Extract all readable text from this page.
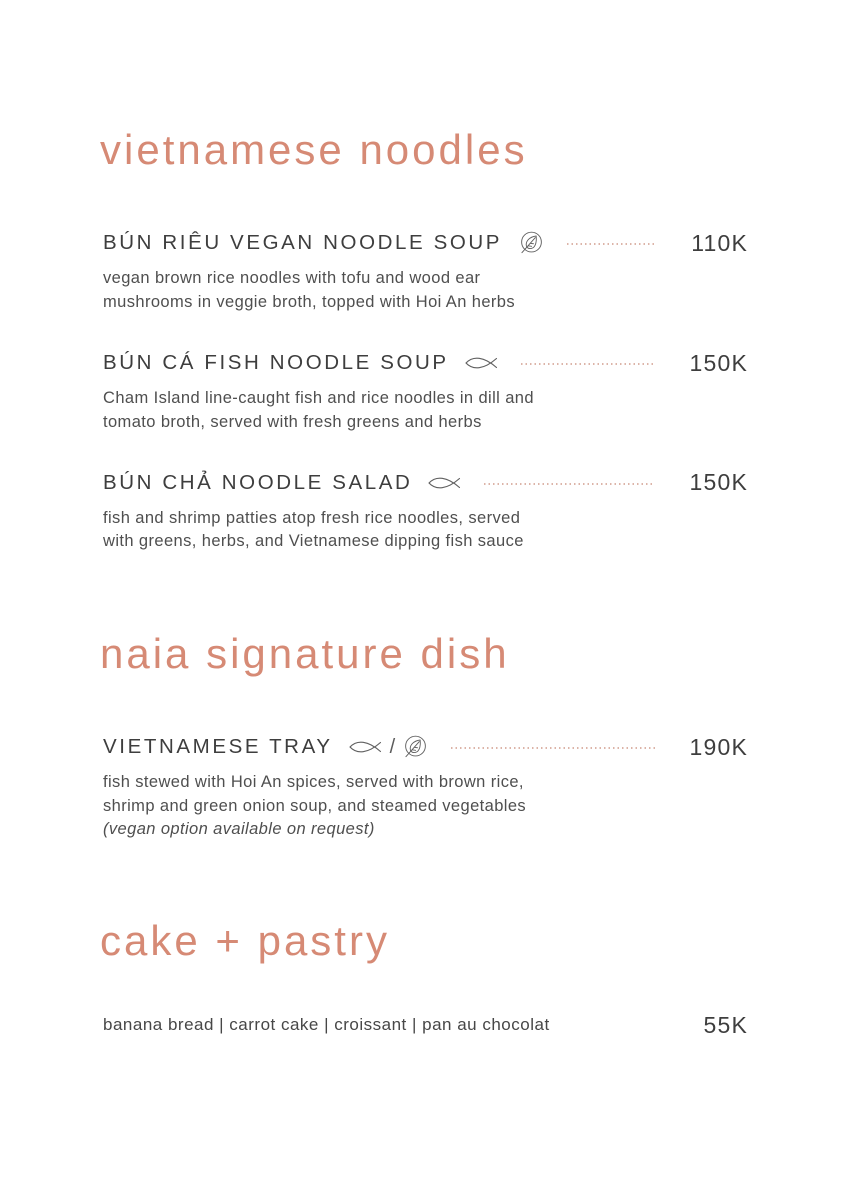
vietnamese noodles
BÚN RIÊU VEGAN NOODLE SOUP	110K
vegan brown rice noodles with tofu and wood ear
mushrooms in veggie broth, topped with Hoi An herbs
BÚN CÁ FISH NOODLE SOUP	150K
Cham Island line-caught fish and rice noodles in dill and
tomato broth, served with fresh greens and herbs
BÚN CHẢ NOODLE SALAD	150K
fish and shrimp patties atop fresh rice noodles, served
with greens, herbs, and Vietnamese dipping fish sauce
naia signature dish
VIETNAMESE TRAY	/	190K
fish stewed with Hoi An spices, served with brown rice,
shrimp and green onion soup, and steamed vegetables
(vegan option available on request)
cake + pastry
banana bread | carrot cake | croissant | pan au chocolat	55K
